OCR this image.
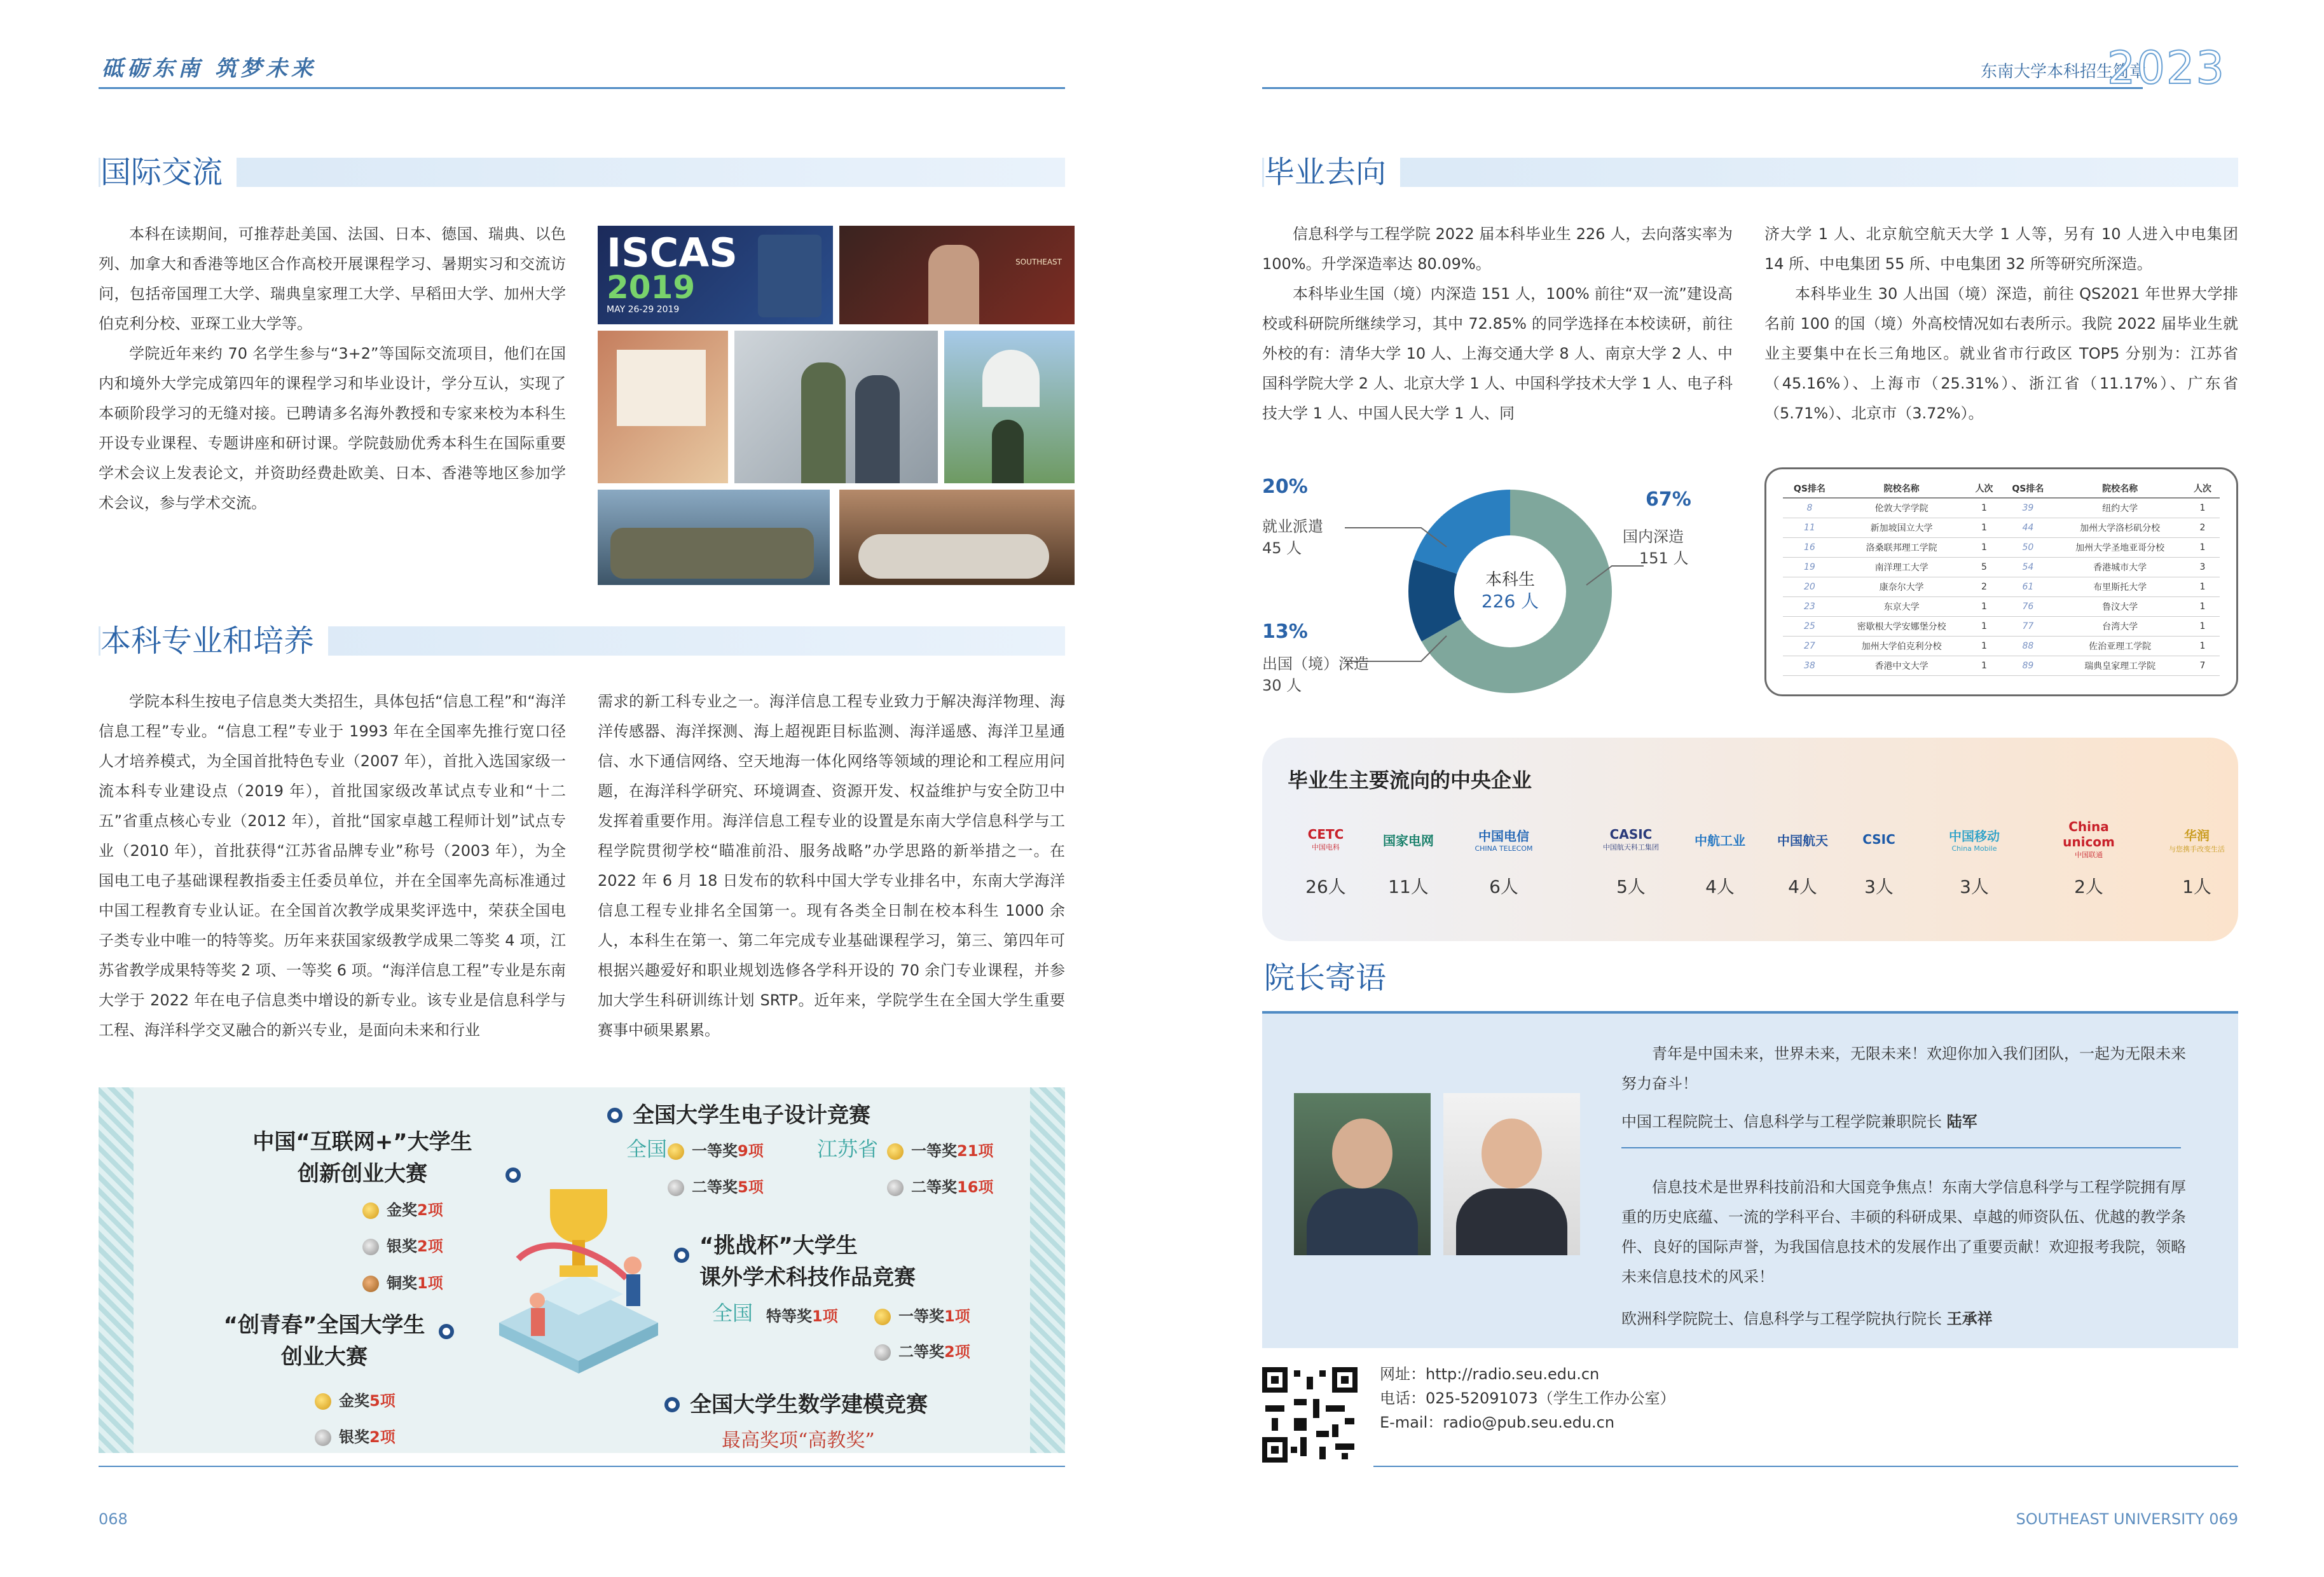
砥砺东南 筑梦未来	东南大学本科招生简章
2023
国际交流

本科在读期间，可推荐赴美国、法国、日本、德国、瑞典、以色列、加拿大和香港等地区合作高校开展课程学习、暑期实习和交流访问，包括帝国理工大学、瑞典皇家理工大学、早稻田大学、加州大学伯克利分校、亚琛工业大学等。

学院近年来约 70 名学生参与“3+2”等国际交流项目，他们在国内和境外大学完成第四年的课程学习和毕业设计，学分互认，实现了本硕阶段学习的无缝对接。已聘请多名海外教授和专家来校为本科生开设专业课程、专题讲座和研讨课。学院鼓励优秀本科生在国际重要学术会议上发表论文，并资助经费赴欧美、日本、香港等地区参加学术会议，参与学术交流。

ISCAS
2019
MAY 26-29 2019
SOUTHEAST
本科专业和培养
学院本科生按电子信息类大类招生，具体包括“信息工程”和“海洋信息工程”专业。“信息工程”专业于 1993 年在全国率先推行宽口径人才培养模式，为全国首批特色专业（2007 年），首批入选国家级一流本科专业建设点（2019 年），首批国家级改革试点专业和“十二五”省重点核心专业（2012 年），首批“国家卓越工程师计划”试点专业（2010 年），首批获得“江苏省品牌专业”称号（2003 年），为全国电工电子基础课程教指委主任委员单位，并在全国率先高标准通过中国工程教育专业认证。在全国首次教学成果奖评选中，荣获全国电子类专业中唯一的特等奖。历年来获国家级教学成果二等奖 4 项，江苏省教学成果特等奖 2 项、一等奖 6 项。“海洋信息工程”专业是东南大学于 2022 年在电子信息类中增设的新专业。该专业是信息科学与工程、海洋科学交叉融合的新兴专业，是面向未来和行业
需求的新工科专业之一。海洋信息工程专业致力于解决海洋物理、海洋传感器、海洋探测、海上超视距目标监测、海洋遥感、海洋卫星通信、水下通信网络、空天地海一体化网络等领域的理论和工程应用问题，在海洋科学研究、环境调查、资源开发、权益维护与安全防卫中发挥着重要作用。海洋信息工程专业的设置是东南大学信息科学与工程学院贯彻学校“瞄准前沿、服务战略”办学思路的新举措之一。在 2022 年 6 月 18 日发布的软科中国大学专业排名中，东南大学海洋信息工程专业排名全国第一。现有各类全日制在校本科生 1000 余人，本科生在第一、第二年完成专业基础课程学习，第三、第四年可根据兴趣爱好和职业规划选修各学科开设的 70 余门专业课程，并参加大学生科研训练计划 SRTP。近年来，学院学生在全国大学生重要赛事中硕果累累。
中国“互联网+”大学生
创新创业大赛
金奖2项
银奖2项
铜奖1项
“创青春”全国大学生
创业大赛
金奖5项
银奖2项
全国大学生电子设计竞赛
全国	一等奖9项
二等奖5项
江苏省	一等奖21项
二等奖16项
“挑战杯”大学生
课外学术科技作品竞赛
全国 特等奖1项	一等奖1项
二等奖2项
全国大学生数学建模竞赛
最高奖项“高教奖”
068
毕业去向

信息科学与工程学院 2022 届本科毕业生 226 人，去向落实率为 100%。升学深造率达 80.09%。

本科毕业生国（境）内深造 151 人，100% 前往“双一流”建设高校或科研院所继续学习，其中 72.85% 的同学选择在本校读研，前往外校的有：清华大学 10 人、上海交通大学 8 人、南京大学 2 人、中国科学院大学 2 人、北京大学 1 人、中国科学技术大学 1 人、电子科技大学 1 人、中国人民大学 1 人、同

济大学 1 人、北京航空航天大学 1 人等，另有 10 人进入中电集团 14 所、中电集团 55 所、中电集团 32 所等研究所深造。

本科毕业生 30 人出国（境）深造，前往 QS2021 年世界大学排名前 100 的国（境）外高校情况如右表所示。我院 2022 届毕业生就业主要集中在长三角地区。就业省市行政区 TOP5 分别为：江苏省（45.16%）、上海市（25.31%）、浙江省（11.17%）、广东省（5.71%）、北京市（3.72%）。

本科生
226 人
67%
国内深造
151 人
20%
就业派遣
45 人
13%
出国（境）深造
30 人
QS排名	院校名称	人次	QS排名	院校名称	人次
8	伦敦大学学院	1	39	纽约大学	1
11	新加坡国立大学	1	44	加州大学洛杉矶分校	2
16	洛桑联邦理工学院	1	50	加州大学圣地亚哥分校	1
19	南洋理工大学	5	54	香港城市大学	3
20	康奈尔大学	2	61	布里斯托大学	1
23	东京大学	1	76	鲁汶大学	1
25	密歇根大学安娜堡分校	1	77	台湾大学	1
27	加州大学伯克利分校	1	88	佐治亚理工学院	1
38	香港中文大学	1	89	瑞典皇家理工学院	7
毕业生主要流向的中央企业
CETC
中国电科
26人
国家电网
11人
中国电信
CHINA TELECOM
6人
CASIC
中国航天科工集团
5人
中航工业
4人
中国航天
4人
CSIC
3人
中国移动
China Mobile
3人
China unicom
中国联通
2人
华润
与您携手改变生活
1人
院长寄语
青年是中国未来，世界未来，无限未来！欢迎你加入我们团队，一起为无限未来努力奋斗！
中国工程院院士、信息科学与工程学院兼职院长 陆军
信息技术是世界科技前沿和大国竞争焦点！东南大学信息科学与工程学院拥有厚重的历史底蕴、一流的学科平台、丰硕的科研成果、卓越的师资队伍、优越的教学条件、良好的国际声誉，为我国信息技术的发展作出了重要贡献！欢迎报考我院，领略未来信息技术的风采！
欧洲科学院院士、信息科学与工程学院执行院长 王承祥
网址：http://radio.seu.edu.cn
电话：025-52091073（学生工作办公室）
E-mail：radio@pub.seu.edu.cn
SOUTHEAST UNIVERSITY 069
